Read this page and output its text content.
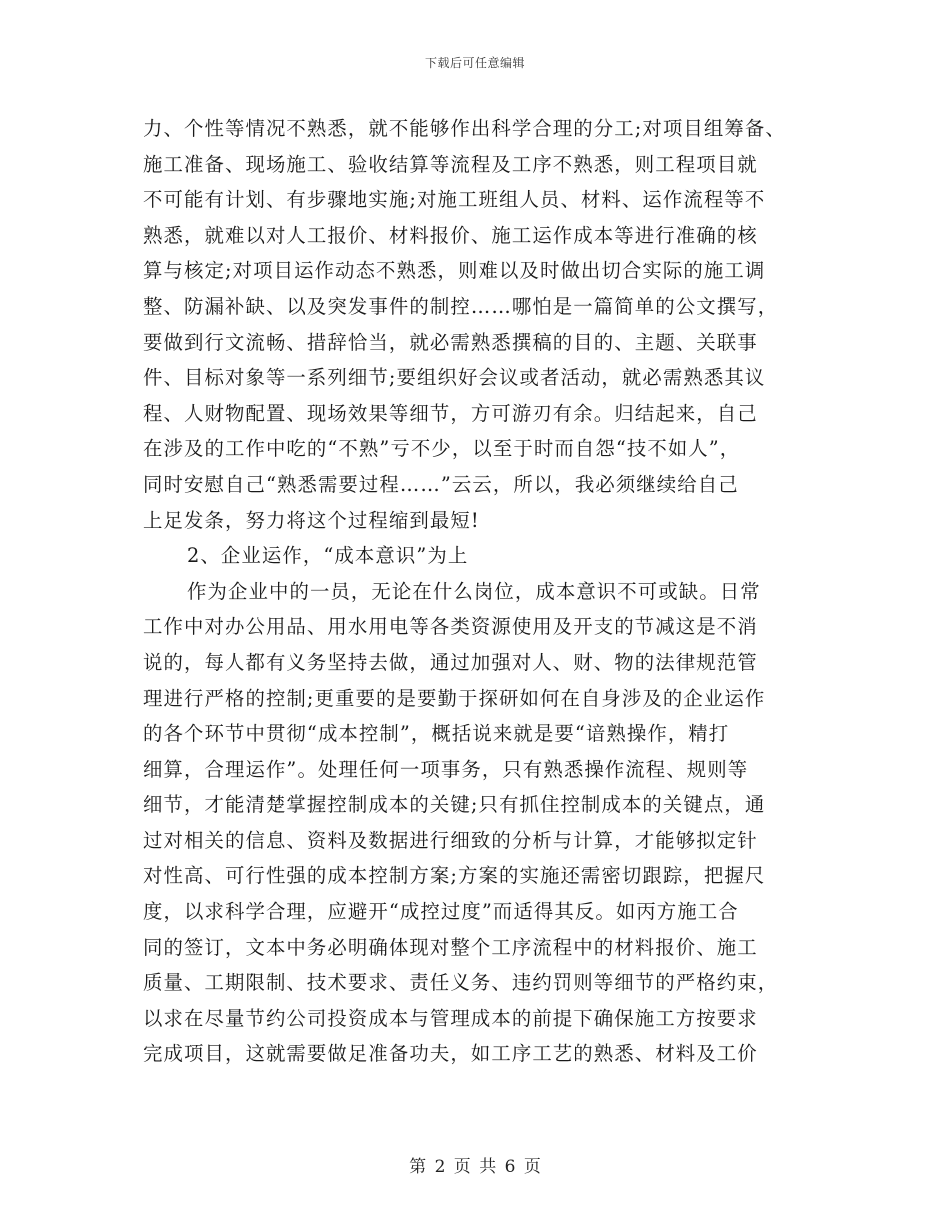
下载后可任意编辑
力、个性等情况不熟悉，就不能够作出科学合理的分工;对项目组筹备、
施工准备、现场施工、验收结算等流程及工序不熟悉，则工程项目就
不可能有计划、有步骤地实施;对施工班组人员、材料、运作流程等不
熟悉，就难以对人工报价、材料报价、施工运作成本等进行准确的核
算与核定;对项目运作动态不熟悉，则难以及时做出切合实际的施工调
整、防漏补缺、以及突发事件的制控……哪怕是一篇简单的公文撰写，
要做到行文流畅、措辞恰当，就必需熟悉撰稿的目的、主题、关联事
件、目标对象等一系列细节;要组织好会议或者活动，就必需熟悉其议
程、人财物配置、现场效果等细节，方可游刃有余。归结起来，自己
在涉及的工作中吃的“不熟”亏不少，以至于时而自怨“技不如人”，
同时安慰自己“熟悉需要过程……”云云，所以，我必须继续给自己
上足发条，努力将这个过程缩到最短!
2、企业运作，“成本意识”为上
作为企业中的一员，无论在什么岗位，成本意识不可或缺。日常
工作中对办公用品、用水用电等各类资源使用及开支的节减这是不消
说的，每人都有义务坚持去做，通过加强对人、财、物的法律规范管
理进行严格的控制;更重要的是要勤于探研如何在自身涉及的企业运作
的各个环节中贯彻“成本控制”，概括说来就是要“谙熟操作，精打
细算，合理运作”。处理任何一项事务，只有熟悉操作流程、规则等
细节，才能清楚掌握控制成本的关键;只有抓住控制成本的关键点，通
过对相关的信息、资料及数据进行细致的分析与计算，才能够拟定针
对性高、可行性强的成本控制方案;方案的实施还需密切跟踪，把握尺
度，以求科学合理，应避开“成控过度”而适得其反。如丙方施工合
同的签订，文本中务必明确体现对整个工序流程中的材料报价、施工
质量、工期限制、技术要求、责任义务、违约罚则等细节的严格约束，
以求在尽量节约公司投资成本与管理成本的前提下确保施工方按要求
完成项目，这就需要做足准备功夫，如工序工艺的熟悉、材料及工价
第 2 页 共 6 页
